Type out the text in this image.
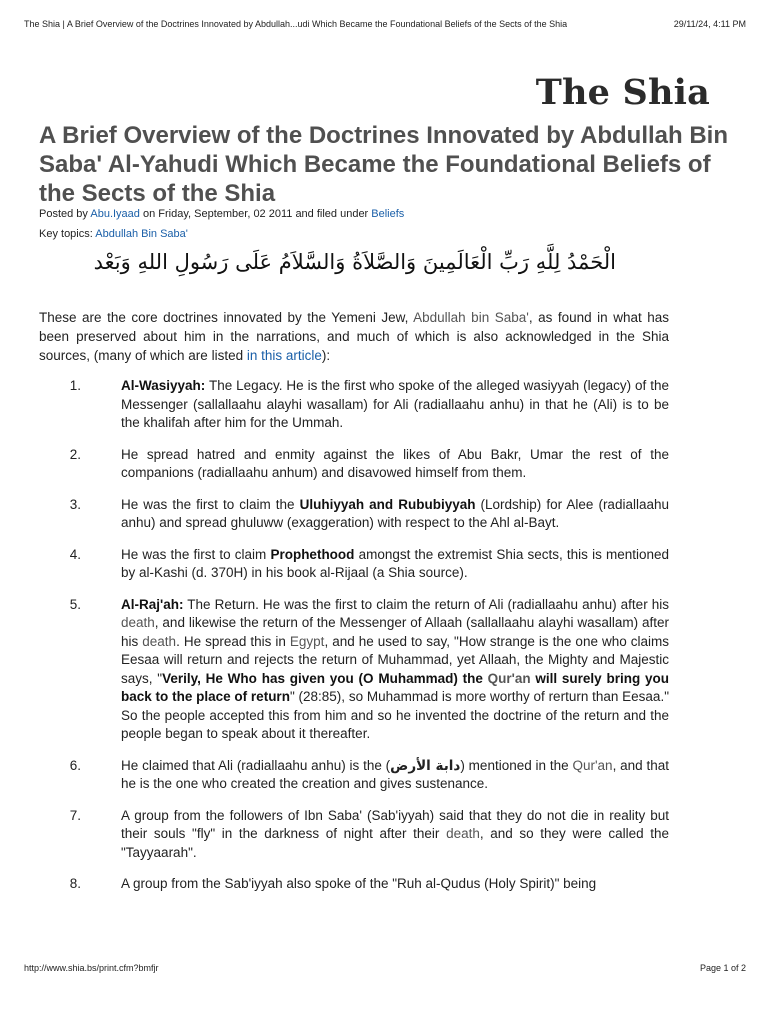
The Shia | A Brief Overview of the Doctrines Innovated by Abdullah...udi Which Became the Foundational Beliefs of the Sects of the Shia	29/11/24, 4:11 PM
The Shia
A Brief Overview of the Doctrines Innovated by Abdullah Bin Saba' Al-Yahudi Which Became the Foundational Beliefs of the Sects of the Shia
Posted by Abu.Iyaad on Friday, September, 02 2011 and filed under Beliefs
Key topics: Abdullah Bin Saba'
الْحَمْدُ لِلَّهِ رَبِّ الْعَالَمِينَ وَالصَّلاَةُ وَالسَّلاَمُ عَلَى رَسُولِ اللهِ وَبَعْد

These are the core doctrines innovated by the Yemeni Jew, Abdullah bin Saba', as found in what has been preserved about him in the narrations, and much of which is also acknowledged in the Shia sources, (many of which are listed in this article):

1.	Al-Wasiyyah: The Legacy. He is the first who spoke of the alleged wasiyyah (legacy) of the Messenger (sallallaahu alayhi wasallam) for Ali (radiallaahu anhu) in that he (Ali) is to be the khalifah after him for the Ummah.
2.	He spread hatred and enmity against the likes of Abu Bakr, Umar the rest of the companions (radiallaahu anhum) and disavowed himself from them.
3.	He was the first to claim the Uluhiyyah and Rububiyyah (Lordship) for Alee (radiallaahu anhu) and spread ghuluww (exaggeration) with respect to the Ahl al-Bayt.
4.	He was the first to claim Prophethood amongst the extremist Shia sects, this is mentioned by al-Kashi (d. 370H) in his book al-Rijaal (a Shia source).
5.	Al-Raj'ah: The Return. He was the first to claim the return of Ali (radiallaahu anhu) after his death, and likewise the return of the Messenger of Allaah (sallallaahu alayhi wasallam) after his death. He spread this in Egypt, and he used to say, "How strange is the one who claims Eesaa will return and rejects the return of Muhammad, yet Allaah, the Mighty and Majestic says, "Verily, He Who has given you (O Muhammad) the Qur'an will surely bring you back to the place of return" (28:85), so Muhammad is more worthy of rerturn than Eesaa." So the people accepted this from him and so he invented the doctrine of the return and the people began to speak about it thereafter.
6.	He claimed that Ali (radiallaahu anhu) is the (دابة الأرض) mentioned in the Qur'an, and that he is the one who created the creation and gives sustenance.
7.	A group from the followers of Ibn Saba' (Sab'iyyah) said that they do not die in reality but their souls "fly" in the darkness of night after their death, and so they were called the "Tayyaarah".
8.	A group from the Sab'iyyah also spoke of the "Ruh al-Qudus (Holy Spirit)" being
http://www.shia.bs/print.cfm?bmfjr	Page 1 of 2
